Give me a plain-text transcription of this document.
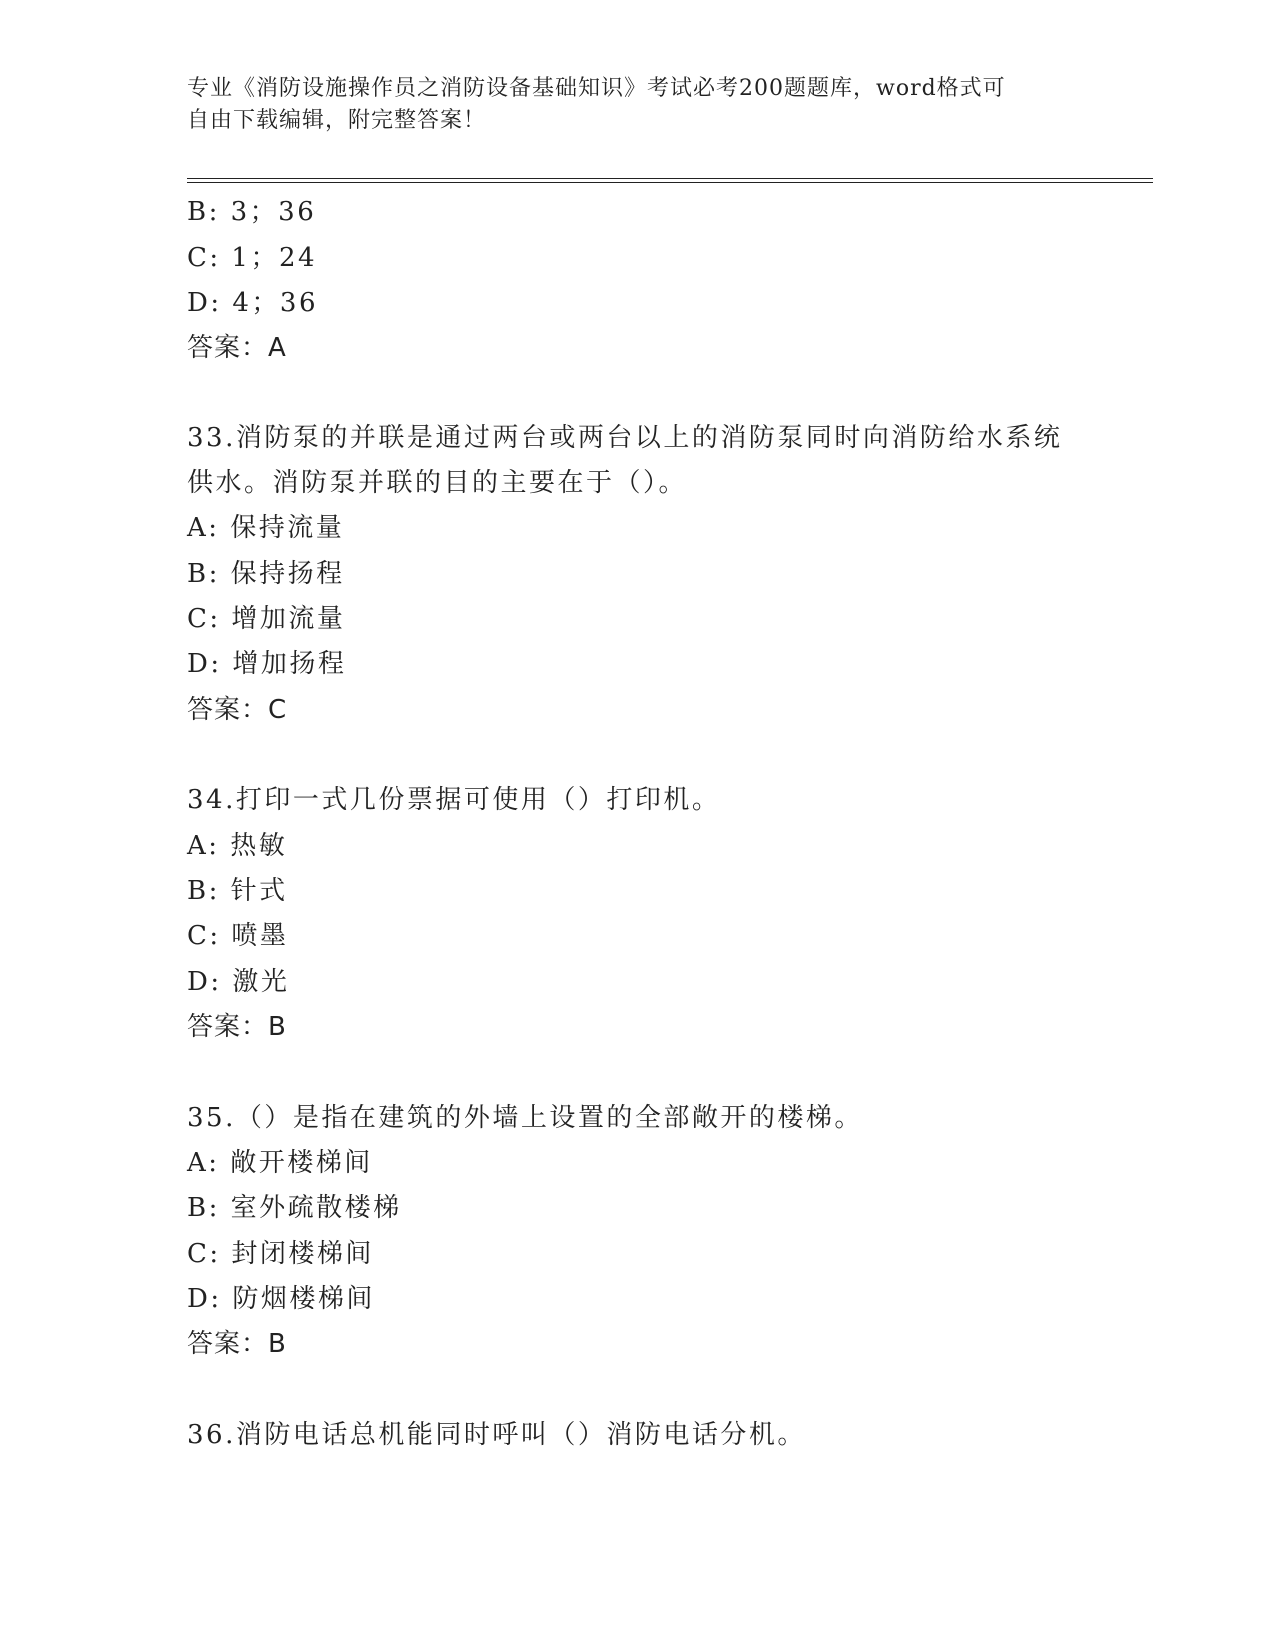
专业《消防设施操作员之消防设备基础知识》考试必考200题题库，word格式可
自由下载编辑，附完整答案！
B: 3；36
C: 1；24
D: 4；36
答案：A
33.消防泵的并联是通过两台或两台以上的消防泵同时向消防给水系统
供水。消防泵并联的目的主要在于（）。
A: 保持流量
B: 保持扬程
C: 增加流量
D: 增加扬程
答案：C
34.打印一式几份票据可使用（）打印机。
A: 热敏
B: 针式
C: 喷墨
D: 激光
答案：B
35.（）是指在建筑的外墙上设置的全部敞开的楼梯。
A: 敞开楼梯间
B: 室外疏散楼梯
C: 封闭楼梯间
D: 防烟楼梯间
答案：B
36.消防电话总机能同时呼叫（）消防电话分机。
